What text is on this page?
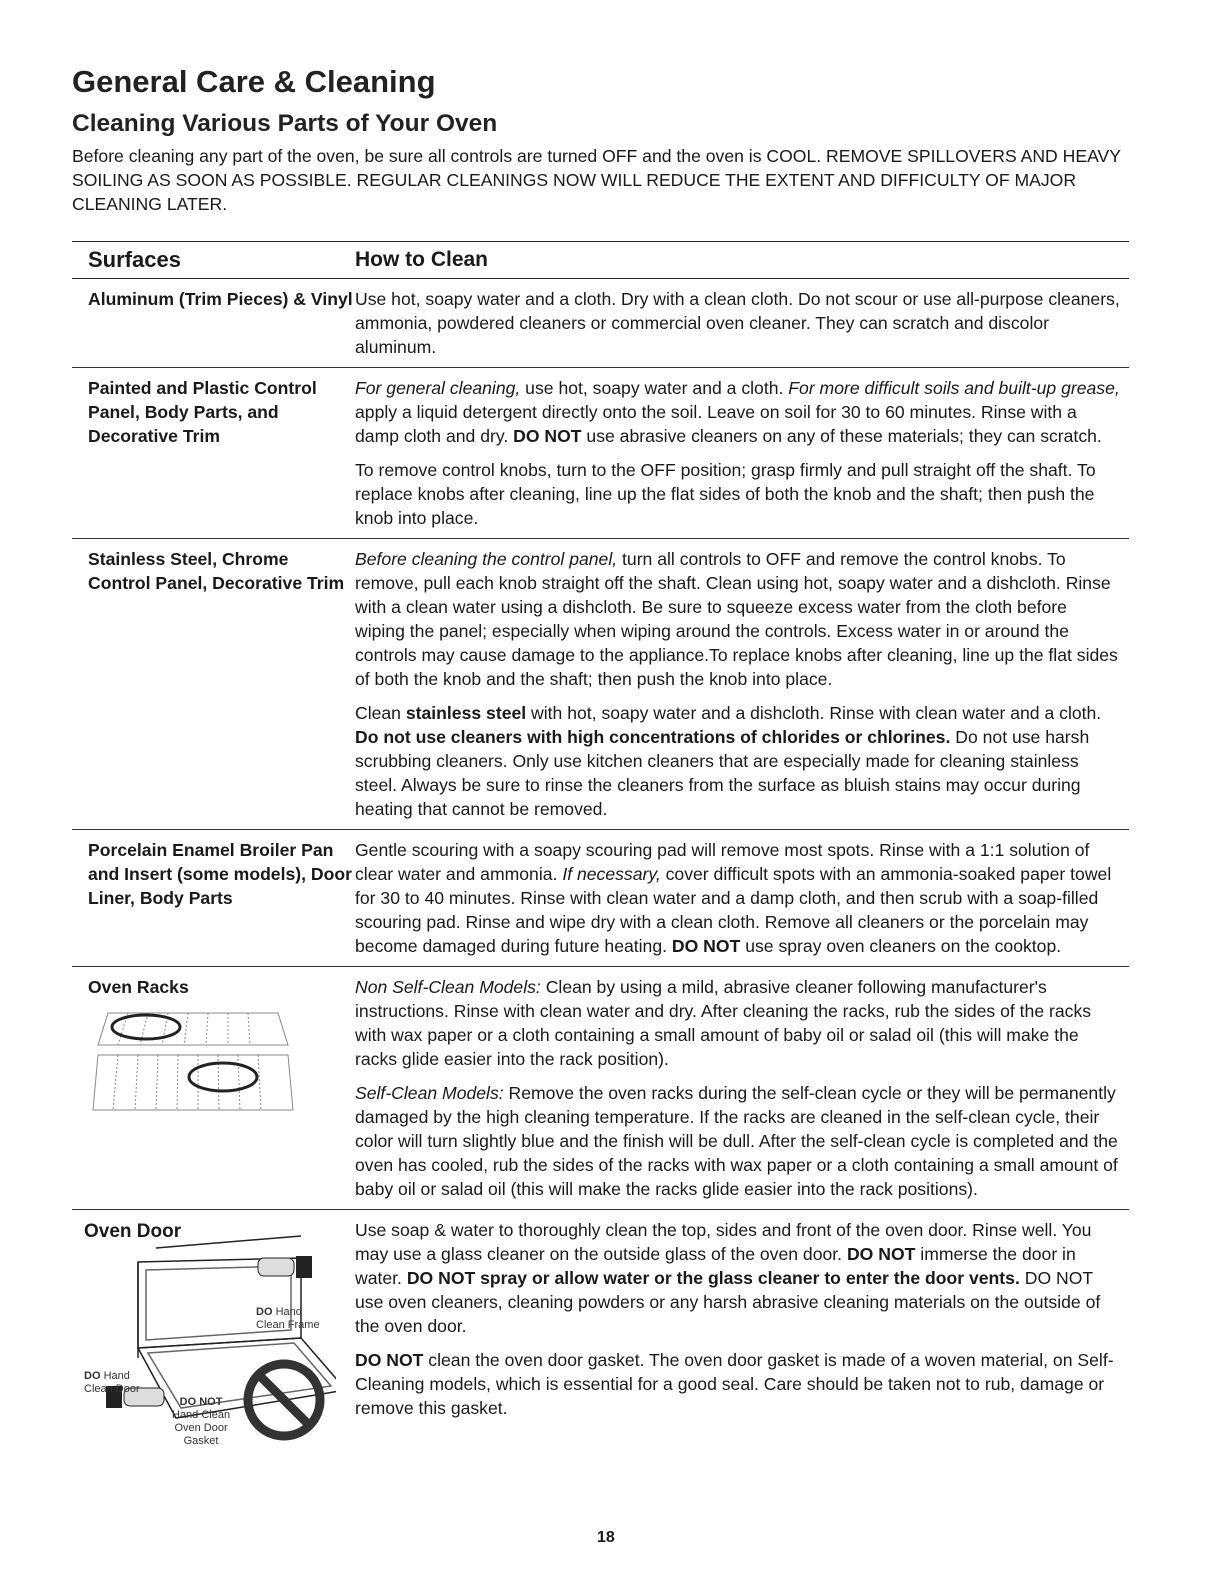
General Care & Cleaning
Cleaning Various Parts of Your Oven

Before cleaning any part of the oven, be sure all controls are turned OFF and the oven is COOL. REMOVE SPILLOVERS AND HEAVY SOILING AS SOON AS POSSIBLE. REGULAR CLEANINGS NOW WILL REDUCE THE EXTENT AND DIFFICULTY OF MAJOR CLEANING LATER.

Surfaces	How to Clean
Aluminum (Trim Pieces) & Vinyl Use hot, soapy water and a cloth. Dry with a clean cloth. Do not scour or use all-purpose cleaners, ammonia, powdered cleaners or commercial oven cleaner. They can scratch and discolor aluminum.

Painted and Plastic Control Panel, Body Parts, and Decorative Trim

For general cleaning, use hot, soapy water and a cloth. For more difficult soils and built-up grease, apply a liquid detergent directly onto the soil. Leave on soil for 30 to 60 minutes. Rinse with a damp cloth and dry. DO NOT use abrasive cleaners on any of these materials; they can scratch.

To remove control knobs, turn to the OFF position; grasp firmly and pull straight off the shaft. To replace knobs after cleaning, line up the flat sides of both the knob and the shaft; then push the knob into place.

Stainless Steel, Chrome Control Panel, Decorative Trim

Before cleaning the control panel, turn all controls to OFF and remove the control knobs. To remove, pull each knob straight off the shaft. Clean using hot, soapy water and a dishcloth. Rinse with a clean water using a dishcloth. Be sure to squeeze excess water from the cloth before wiping the panel; especially when wiping around the controls. Excess water in or around the controls may cause damage to the appliance.To replace knobs after cleaning, line up the flat sides of both the knob and the shaft; then push the knob into place.

Clean stainless steel with hot, soapy water and a dishcloth. Rinse with clean water and a cloth. Do not use cleaners with high concentrations of chlorides or chlorines. Do not use harsh scrubbing cleaners. Only use kitchen cleaners that are especially made for cleaning stainless steel. Always be sure to rinse the cleaners from the surface as bluish stains may occur during heating that cannot be removed.

Porcelain Enamel Broiler Pan and Insert (some models), Door Liner, Body Parts

Gentle scouring with a soapy scouring pad will remove most spots. Rinse with a 1:1 solution of clear water and ammonia. If necessary, cover difficult spots with an ammonia-soaked paper towel for 30 to 40 minutes. Rinse with clean water and a damp cloth, and then scrub with a soap-filled scouring pad. Rinse and wipe dry with a clean cloth. Remove all cleaners or the porcelain may become damaged during future heating. DO NOT use spray oven cleaners on the cooktop.

Oven Racks	Non Self-Clean Models: Clean by using a mild, abrasive cleaner following manufacturer's instructions. Rinse with clean water and dry. After cleaning the racks, rub the sides of the racks with wax paper or a cloth containing a small amount of baby oil or salad oil (this will make the racks glide easier into the rack position).

Self-Clean Models: Remove the oven racks during the self-clean cycle or they will be permanently damaged by the high cleaning temperature. If the racks are cleaned in the self-clean cycle, their color will turn slightly blue and the finish will be dull. After the self-clean cycle is completed and the oven has cooled, rub the sides of the racks with wax paper or a cloth containing a small amount of baby oil or salad oil (this will make the racks glide easier into the rack positions).

Oven Door
DO Hand
Clean Frame
DO Hand
Clean Door
DO NOT
Hand Clean
Oven Door
Gasket

Use soap & water to thoroughly clean the top, sides and front of the oven door. Rinse well. You may use a glass cleaner on the outside glass of the oven door. DO NOT immerse the door in water. DO NOT spray or allow water or the glass cleaner to enter the door vents. DO NOT use oven cleaners, cleaning powders or any harsh abrasive cleaning materials on the outside of the oven door.

DO NOT clean the oven door gasket. The oven door gasket is made of a woven material, on Self-Cleaning models, which is essential for a good seal. Care should be taken not to rub, damage or remove this gasket.

18
